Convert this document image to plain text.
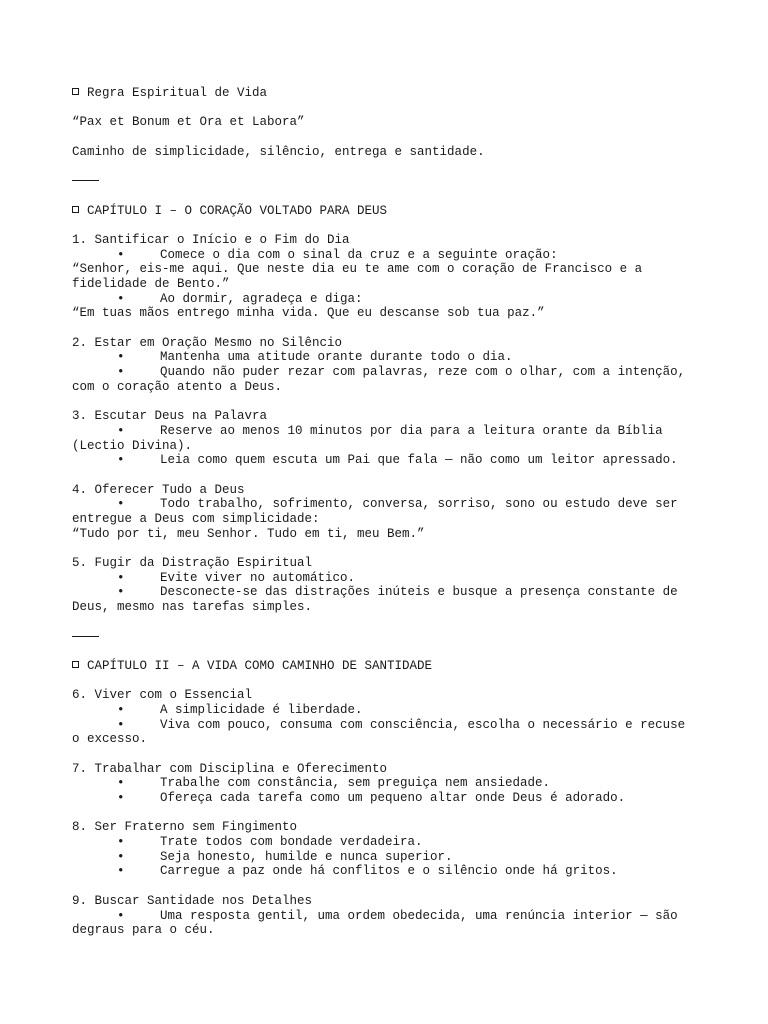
Regra Espiritual de Vida
“Pax et Bonum et Ora et Labora”
Caminho de simplicidade, silêncio, entrega e santidade.
CAPÍTULO I – O CORAÇÃO VOLTADO PARA DEUS
1. Santificar o Início e o Fim do Dia
•	Comece o dia com o sinal da cruz e a seguinte oração:
“Senhor, eis-me aqui. Que neste dia eu te ame com o coração de Francisco e a
fidelidade de Bento.”
•	Ao dormir, agradeça e diga:
“Em tuas mãos entrego minha vida. Que eu descanse sob tua paz.”
2. Estar em Oração Mesmo no Silêncio
•	Mantenha uma atitude orante durante todo o dia.
•	Quando não puder rezar com palavras, reze com o olhar, com a intenção,
com o coração atento a Deus.
3. Escutar Deus na Palavra
•	Reserve ao menos 10 minutos por dia para a leitura orante da Bíblia
(Lectio Divina).
•	Leia como quem escuta um Pai que fala — não como um leitor apressado.
4. Oferecer Tudo a Deus
•	Todo trabalho, sofrimento, conversa, sorriso, sono ou estudo deve ser
entregue a Deus com simplicidade:
“Tudo por ti, meu Senhor. Tudo em ti, meu Bem.”
5. Fugir da Distração Espiritual
•	Evite viver no automático.
•	Desconecte-se das distrações inúteis e busque a presença constante de
Deus, mesmo nas tarefas simples.
CAPÍTULO II – A VIDA COMO CAMINHO DE SANTIDADE
6. Viver com o Essencial
•	A simplicidade é liberdade.
•	Viva com pouco, consuma com consciência, escolha o necessário e recuse
o excesso.
7. Trabalhar com Disciplina e Oferecimento
•	Trabalhe com constância, sem preguiça nem ansiedade.
•	Ofereça cada tarefa como um pequeno altar onde Deus é adorado.
8. Ser Fraterno sem Fingimento
•	Trate todos com bondade verdadeira.
•	Seja honesto, humilde e nunca superior.
•	Carregue a paz onde há conflitos e o silêncio onde há gritos.
9. Buscar Santidade nos Detalhes
•	Uma resposta gentil, uma ordem obedecida, uma renúncia interior — são
degraus para o céu.
